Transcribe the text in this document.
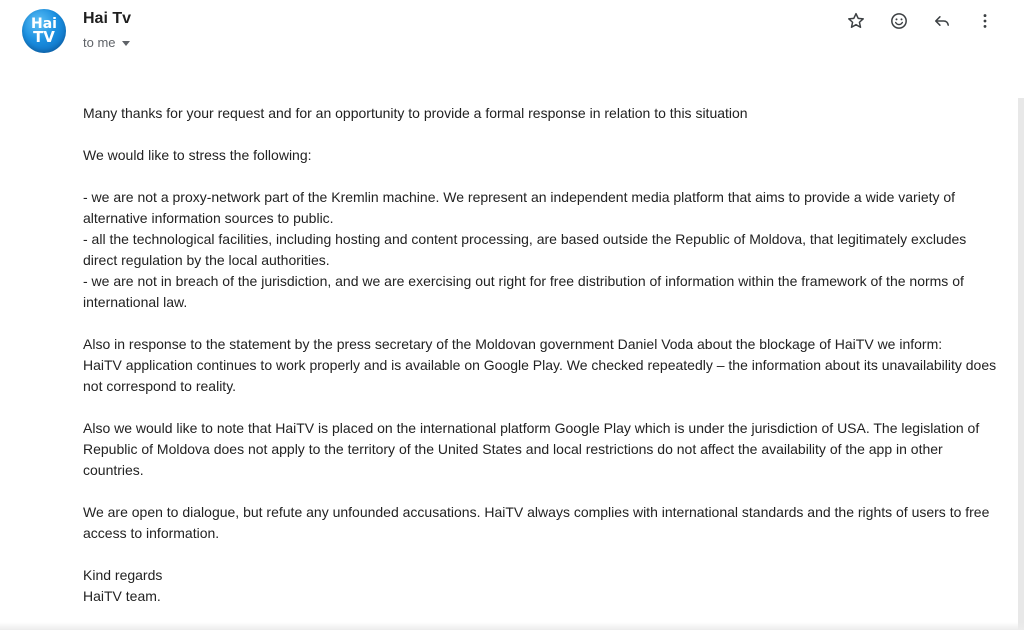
Hai
TV
Hai Tv
to me

Many thanks for your request and for an opportunity to provide a formal response in relation to this situation

We would like to stress the following:

- we are not a proxy-network part of the Kremlin machine. We represent an independent media platform that aims to provide a wide variety of alternative information sources to public.

- all the technological facilities, including hosting and content processing, are based outside the Republic of Moldova, that legitimately excludes direct regulation by the local authorities.

- we are not in breach of the jurisdiction, and we are exercising out right for free distribution of information within the framework of the norms of international law.

Also in response to the statement by the press secretary of the Moldovan government Daniel Voda about the blockage of HaiTV we inform:

HaiTV application continues to work properly and is available on Google Play. We checked repeatedly – the information about its unavailability does not correspond to reality.

Also we would like to note that HaiTV is placed on the international platform Google Play which is under the jurisdiction of USA. The legislation of Republic of Moldova does not apply to the territory of the United States and local restrictions do not affect the availability of the app in other countries.

We are open to dialogue, but refute any unfounded accusations. HaiTV always complies with international standards and the rights of users to free access to information.

Kind regards

HaiTV team.
